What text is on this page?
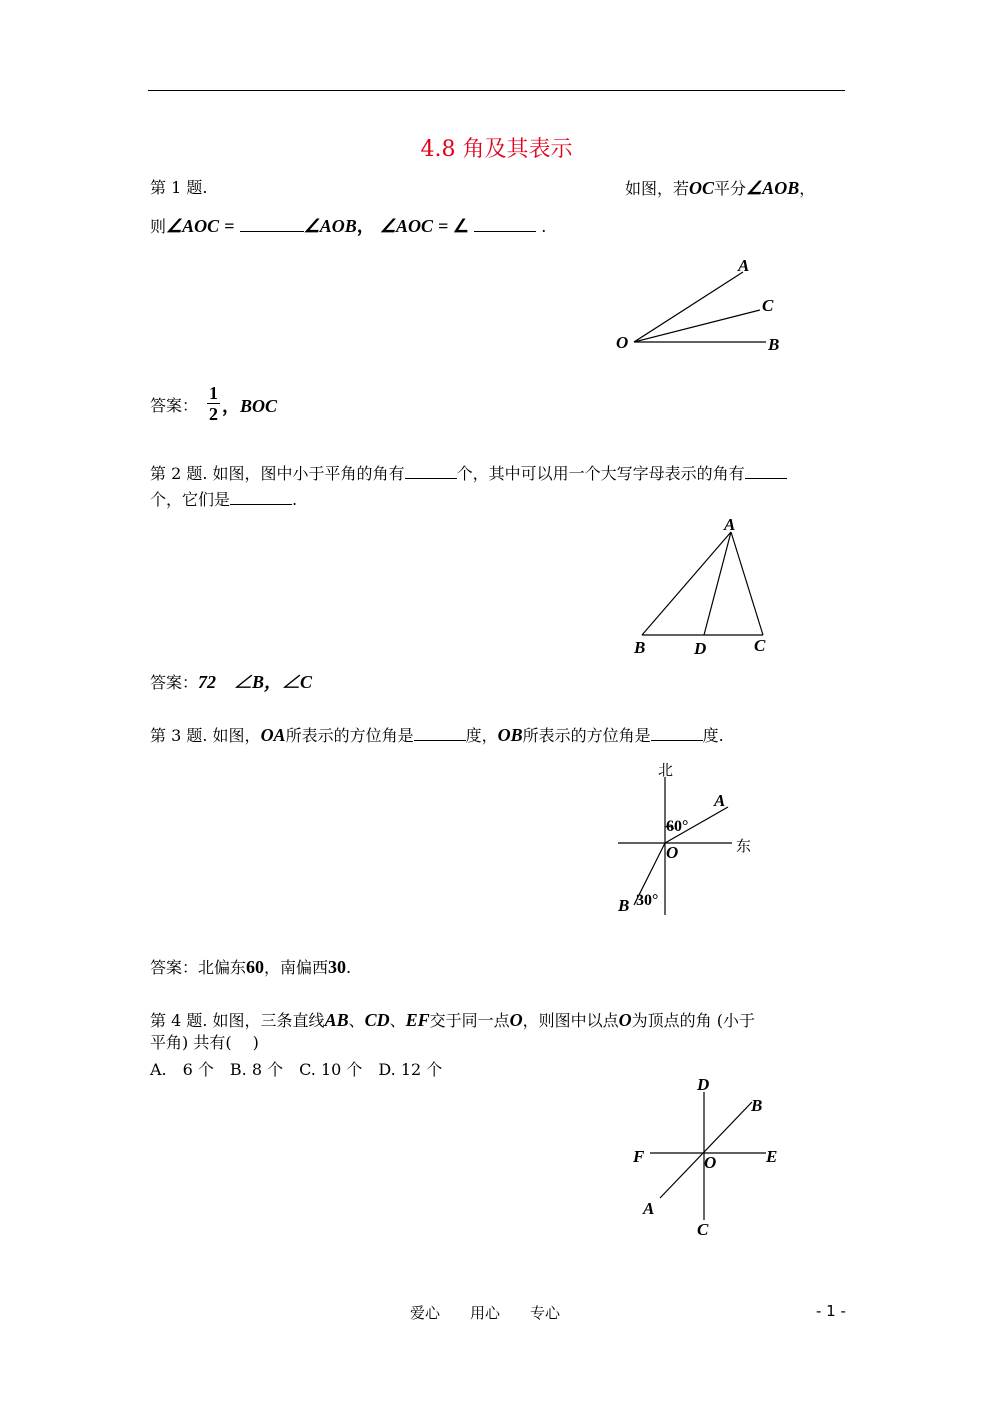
4.8 角及其表示
第 1 题.	如图，若OC平分∠AOB，
则∠AOC =	∠AOB， ∠AOC = ∠	.
A
C
O	B
答案： $\frac{1}{2}$ ，BOC
第 2 题. 如图，图中小于平角的角有	个，其中可以用一个大写字母表示的角有
个，它们是	.
A
B	D	C
答案：72　∠B，∠C
第 3 题. 如图，OA所表示的方位角是	度，OB所表示的方位角是	度.
北
东
A
O
B
60°
30°
答案：北偏东60，南偏西30.
第 4 题. 如图，三条直线AB、CD、EF交于同一点O，则图中以点O为顶点的角 (小于
平角) 共有(　 )
A.　6 个　B. 8 个　C. 10 个　D. 12 个
D
B
F	O	E
A
C
爱心　　用心　　专心	- 1 -
